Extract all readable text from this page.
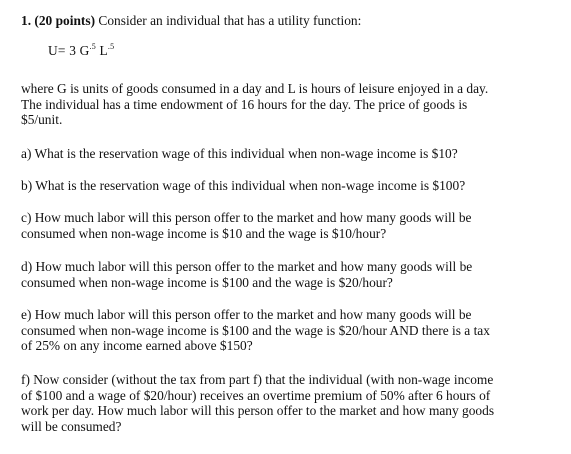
1. (20 points) Consider an individual that has a utility function:
U= 3 $G^{.5}$ $L^{.5}$
where G is units of goods consumed in a day and L is hours of leisure enjoyed in a day.
The individual has a time endowment of 16 hours for the day. The price of goods is
$5/unit.
a) What is the reservation wage of this individual when non-wage income is $10?
b) What is the reservation wage of this individual when non-wage income is $100?
c) How much labor will this person offer to the market and how many goods will be
consumed when non-wage income is $10 and the wage is $10/hour?
d) How much labor will this person offer to the market and how many goods will be
consumed when non-wage income is $100 and the wage is $20/hour?
e) How much labor will this person offer to the market and how many goods will be
consumed when non-wage income is $100 and the wage is $20/hour AND there is a tax
of 25% on any income earned above $150?
f) Now consider (without the tax from part f) that the individual (with non-wage income
of $100 and a wage of $20/hour) receives an overtime premium of 50% after 6 hours of
work per day. How much labor will this person offer to the market and how many goods
will be consumed?
